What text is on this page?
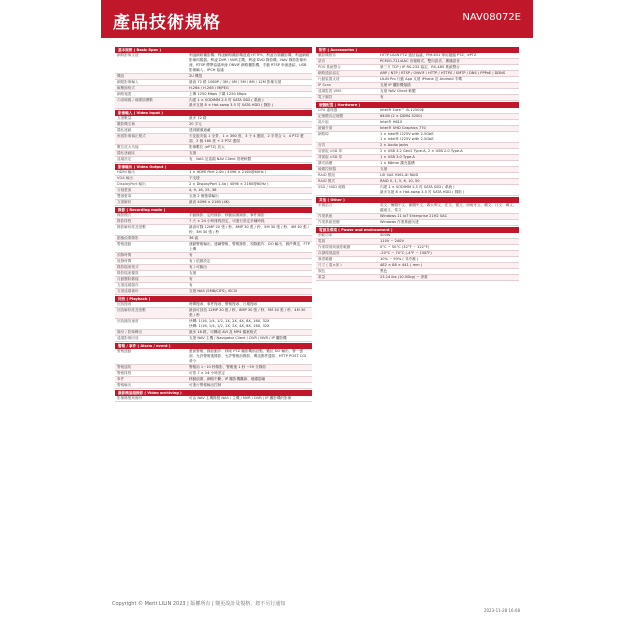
產品技術規格	NAV08072E
基本規格 ( Basic Spec )
網路影像支援	利凌網路攝影機、利凌網路攝影機透過 HTTPS、利凌各類攝影機、利凌網路影像伺服器、利凌 DVR / NVR主機、利凌 DVD 錄影機、NAV 錄影影像串流、RTSP 標準協議串流 ONVIF 網路攝影機、手動 RTSP 串流連結、USB 影像輸入、IPCH 協議
機組	2U 機殼
網路影像輸入	最高 72 路 1080P / 3M / 4M / 5M / 8M / 12M 影像支援
解壓縮格式	H.264 / H.265 / MJPEG
網路頻寬	上傳 1250 Mbps 下載 1250 Mbps
內部硬碟 / 硬碟插槽數	內建 1 × SODIMM 2.5 吋 SATA SSD ( 系統 )
最多支援 8 × Hot-swap 3.5 吋 SATA HDD ( 錄影 )
影像輸入 ( Video Input )
支援數量	最多 72 路
攝影機名稱	20 字元
隱私遮蔽	達到鏡頭遮蔽
魚眼影像矯正模式	天花板安裝 1 全景、1 × 360 度、3 个 4 畫面、2 半景合 1、4 PTZ 畫面、2 個 180 度 + 2 PTZ 畫面
數位放大功能	影像數位 (ePTZ) 放大
隱私遮蔽區	支援
遠端設定	有，NAS 及遠端 NAV Client 管理軟體
影像輸出 ( Video Output )
HDMI 輸出	1 × HDMI Port 2.0b ( 4096 × 2160@60Hz )
VGA 輸出	不支援
DisplayPort 輸出	2 × DisplayPort 1.4a ( 4096 × 2160@60Hz )
分割畫面	4, 9, 16, 25, 36
雙頭螢幕	支援 2 個螢幕輸出
支援解析	最高 4096 × 2160 (4K)
錄影 ( Recording mode )
錄影模式	手動錄影、定時錄影、移動偵測錄影、事件錄影
錄影排程	7 天 × 24 小時排程設定，可進行設定多種時段
錄影解析度及張數	最高可錄 12MP 20 張 / 秒、8MP 30 張 / 秒、5M 30 張 / 秒、4M 30 張 / 秒、3M 30 張 / 秒
動態偵測錄影	36 區
警報連動	連動警報輸出、連續警報、警報錄影、預錄動作、DO 輸出、郵件傳送、FTP 上傳
預錄時間	有
後錄時間	有 / 依據設定
錄影檔案格式	有 / 可匯出
錄影檔案覆寫	支援
自動刪除舊檔	有
支援遠端儲存	有
支援遠端備份	支援 NAS (SMB/CIFS), iSCSI
回放 ( Playback )
回放搜尋	時間搜尋、事件搜尋、警報搜尋、日期搜尋
回放解析度及張數	最高可回放 12MP 20 張 / 秒、8MP 30 張 / 秒、5M 30 張 / 秒、4M 30 張 / 秒
回放播放速度	快轉: 1/16, 1/4, 1/2, 1X, 2X, 4X, 8X, 16X, 32X
快轉: 1/16, 1/4, 1/2, 1X, 2X, 4X, 8X, 16X, 32X
備份 / 影像轉出	最多 16 路，可轉成 AVI 及 MP4 檔案格式
遠端影像回放	支援 NAV 主機 / Navigator Client / DVR / NVR / IP 攝影機
警報 / 事件 ( Alarm / event )
警報連動	畫面警報、錄影動作、移除 PTZ 攝影機預設點、數位 DO 輸出、警一畫面、允許警報後錄影、允許警報前錄影、傳送郵件通知、HTTP POST CGI 命令
警報通知	警報前 1~10 秒錄影、警報後 1 秒 ~59 分錄影
警報排程	可依 7 × 24 小時設定
事件	移動偵測、網路中斷、IP 攝影機離線、硬碟損壞
警報輸出	可進行警報輸出控制
攝影機遠端錄影 ( Video archiving )
影像錄製與備份	可由 NAV 主機錄製 NAS / 主機 / NVR / DVR / IP 攝影機的影像
附件 ( Accessories )
攝影機相容	HTTP LILIN PTZ 通信協議、PIH-631 專用鍵盤 PTZ、ePTZ
語音	PCM/G.711/AAC 音頻格式、雙向語音、廣播語音
POS 系統整合	第三方 TCP / IP RS-232 協定、RS-485 系統整合
網路通訊協定	ARP / NTP / RTSP / ONVIF / HTTP / HTTPS / SMTP / DNS / PPPoE / DDNS
行動裝置支援	LILIN Pro 行動 App 支援 iPhone 及 Android 手機
IP Scan	支援 IP 攝影機掃描
遠端監看 VMS	支援 NAV Client 軟體
電子圖控	有
硬體配置 ( Hardware )
CPU 處理器	Intel® Core™ i5-12500E
記憶體容記憶體	64GB (2 × DDR4 3200)
晶片組	Intel® H610
繪圖介面	Intel® UHD Graphics 770
網路埠	1 × Intel® I225V with 2.5GbE
1 × Intel® I225V with 2.5GbE
音效	2 × Audio jacks
前面板 USB 埠	2 × USB 3.2 Gen2 Type-A, 2 × USB 2.0 Type-A
背面板 USB 埠	1 × USB 3.0 Type-A
擴充插槽	1 × 68mm 擴充插槽
硬碟控制器	支援
RAID 模組	LSI SAS 9361-8i RAID
RAID 模式	RAID 0, 1, 5, 6, 10, 50
SSD / HDD 硬碟	內建 1 × SODIMM 2.5 吋 SATA SSD ( 系統 )
最多支援 8 × Hot-swap 3.5 吋 SATA HDD ( 錄影 )
其他 ( Other )
多國語言	英文、簡體中文、繁體中文、義大利文、法文、德文、西班牙文、俄文、日文、韓文、越南文、泰文
作業系統	Windows 11 IoT Enterprise 21H2 SAC
作業系統授權	Windows 作業系統內建
電源及環境 ( Power and environment )
消耗功率	500W
電源	110V ~ 240V
作業環境與濕度範圍	0°C ~ 50°C (32°F ~ 122°F)
存儲環境溫度	-20°C ~ 70°C (-4°F ~ 158°F)
濕度範圍	10% ~ 90% ( 非冷凝 )
尺寸 ( 寬×深 )	482 × 88 × 441 ( mm )
顏色	黑色
重量	23.14 lbs (10.50kg) ~ 淨重
Copyright © Merit LILIN 2023 | 版權所有 | 變更設計及規格，恕不另行通知
2023-11-28 16:08
